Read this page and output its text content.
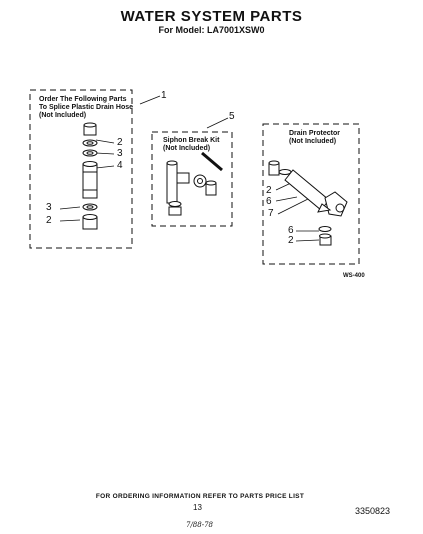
WATER SYSTEM PARTS
For Model: LA7001XSW0
Order The Following Parts
To Splice Plastic Drain Hose
(Not Included)
1
Siphon Break Kit
(Not Included)
5
Drain Protector
(Not Included)
2
3
4
3
2
2
6
7
6
2
WS-400
FOR ORDERING INFORMATION REFER TO PARTS PRICE LIST
13	3350823
7/88-78
